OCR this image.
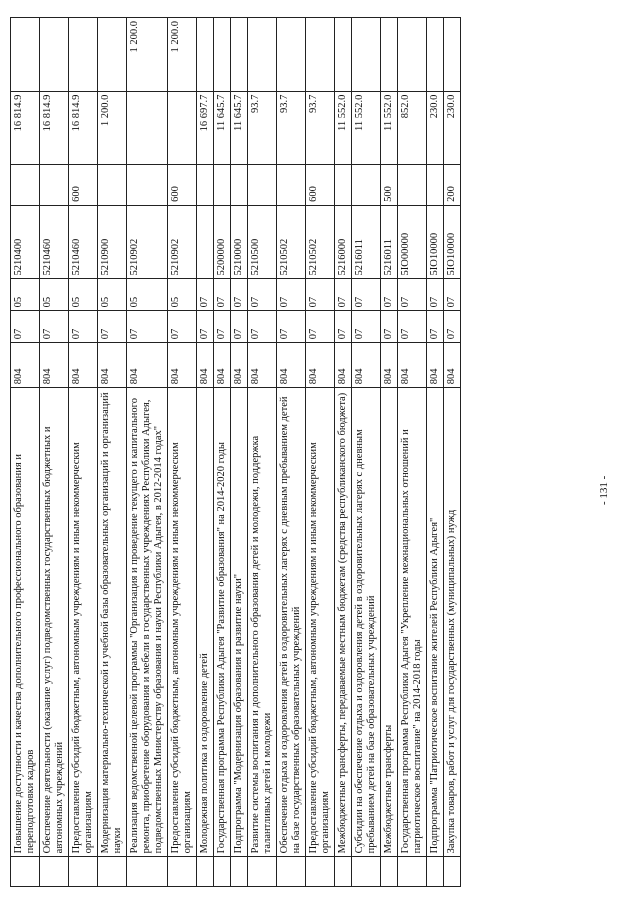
- 131 -
	Повышение доступности и качества дополнительного профессионального образования и переподготовки кадров	804	07	05	5210400		16 814.9	
	Обеспечение деятельности (оказание услуг) подведомственных государственных бюджетных и автономных учреждений	804	07	05	5210460		16 814.9	
	Предоставление субсидий бюджетным, автономным учреждениям и иным некоммерческим организациям	804	07	05	5210460	600	16 814.9	
	Модернизация материально-технической и учебной базы образовательных организаций и организаций науки	804	07	05	5210900		1 200.0	
	Реализация ведомственной целевой программы "Организация и проведение текущего и капитального ремонта, приобретение оборудования и мебели в государственных учреждениях Республики Адыгея, подведомственных Министерству образования и науки Республики Адыгея, в 2012-2014 годах"	804	07	05	5210902			1 200.0
	Предоставление субсидий бюджетным, автономным учреждениям и иным некоммерческим организациям	804	07	05	5210902	600		1 200.0
	Молодежная политика и оздоровление детей	804	07	07			16 697.7	
	Государственная программа Республики Адыгея "Развитие образования" на 2014-2020 годы	804	07	07	5200000		11 645.7	
	Подпрограмма "Модернизация образования и развитие науки"	804	07	07	5210000		11 645.7	
	Развитие системы воспитания и дополнительного образования детей и молодежи, поддержка талантливых детей и молодежи	804	07	07	5210500		93.7	
	Обеспечение отдыха и оздоровления детей в оздоровительных лагерях с дневным пребыванием детей на базе государственных образовательных учреждений	804	07	07	5210502		93.7	
	Предоставление субсидий бюджетным, автономным учреждениям и иным некоммерческим организациям	804	07	07	5210502	600	93.7	
	Межбюджетные трансферты, передаваемые местным бюджетам (средства республиканского бюджета)	804	07	07	5216000		11 552.0	
	Субсидии на обеспечение отдыха и оздоровления детей в оздоровительных лагерях с дневным пребыванием детей на базе образовательных учреждений	804	07	07	5216011		11 552.0	
	Межбюджетные трансферты	804	07	07	5216011	500	11 552.0	
	Государственная программа Республики Адыгея "Укрепление межнациональных отношений и патриотическое воспитание" на 2014-2018 годы	804	07	07	5IO00000		852.0	
	Подпрограмма "Патриотическое воспитание жителей Республики Адыгея"	804	07	07	5IO10000		230.0	
	Закупка товаров, работ и услуг для государственных (муниципальных) нужд	804	07	07	5IO10000	200	230.0	
